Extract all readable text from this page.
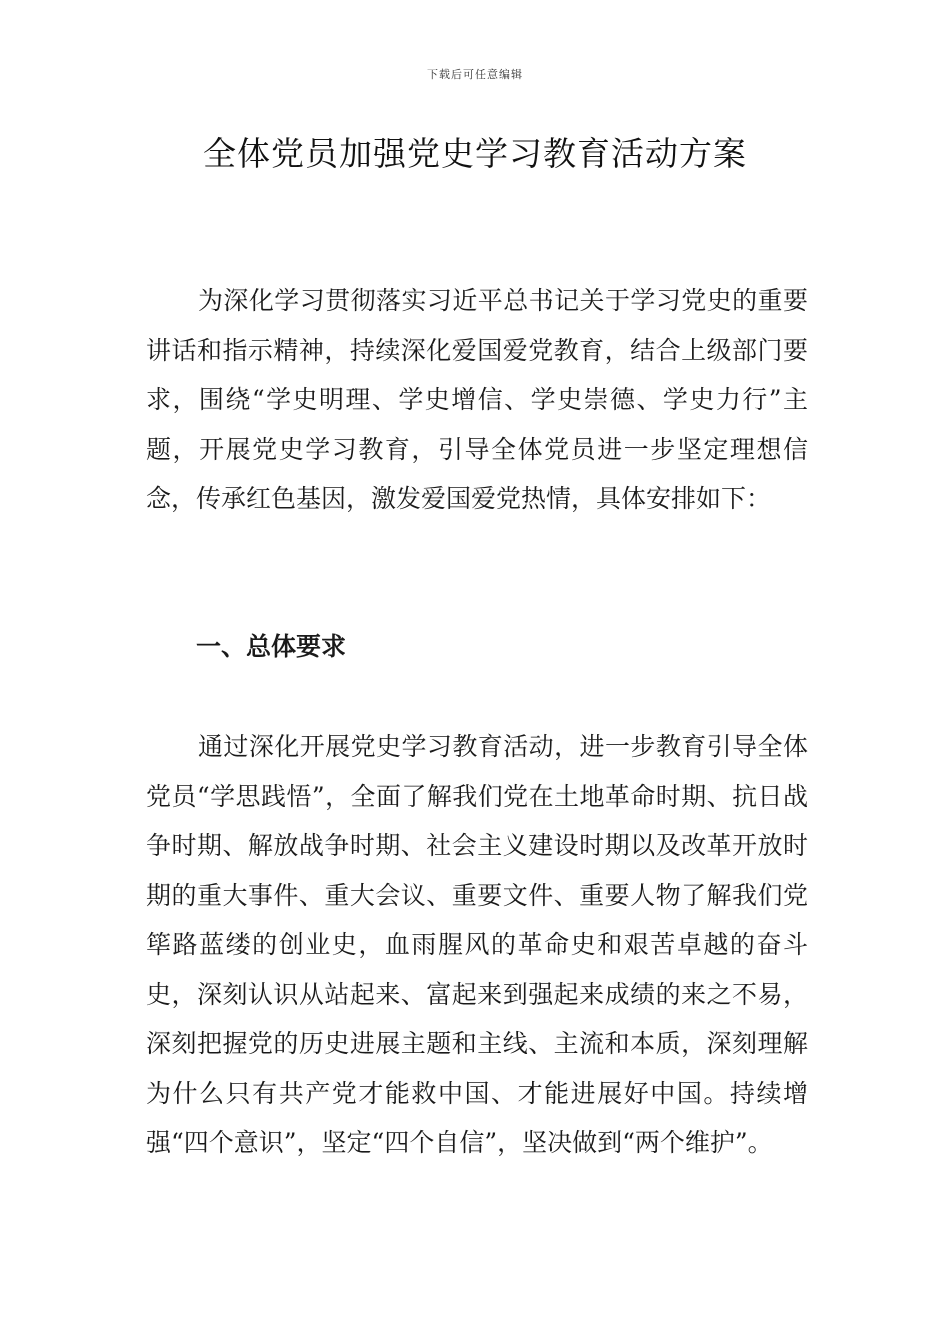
下载后可任意编辑
全体党员加强党史学习教育活动方案

为深化学习贯彻落实习近平总书记关于学习党史的重要讲话和指示精神，持续深化爱国爱党教育，结合上级部门要求，围绕“学史明理、学史增信、学史崇德、学史力行”主题，开展党史学习教育，引导全体党员进一步坚定理想信念，传承红色基因，激发爱国爱党热情，具体安排如下：

一、总体要求

通过深化开展党史学习教育活动，进一步教育引导全体党员“学思践悟”，全面了解我们党在土地革命时期、抗日战争时期、解放战争时期、社会主义建设时期以及改革开放时期的重大事件、重大会议、重要文件、重要人物了解我们党筚路蓝缕的创业史，血雨腥风的革命史和艰苦卓越的奋斗史，深刻认识从站起来、富起来到强起来成绩的来之不易，深刻把握党的历史进展主题和主线、主流和本质，深刻理解为什么只有共产党才能救中国、才能进展好中国。持续增强“四个意识”，坚定“四个自信”，坚决做到“两个维护”。
